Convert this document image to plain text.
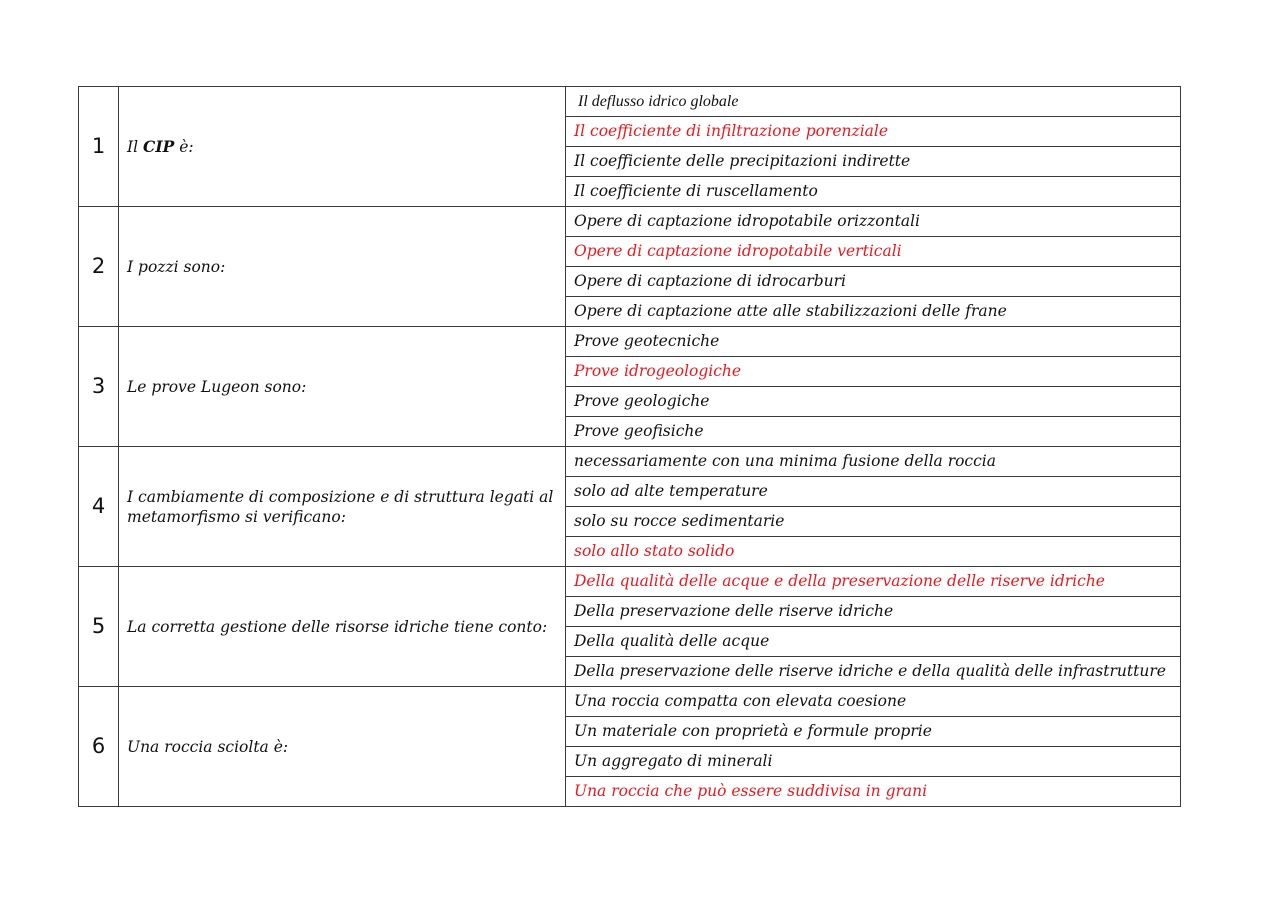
1	Il CIP è:	Il deflusso idrico globale
		Il coefficiente di infiltrazione porenziale
		Il coefficiente delle precipitazioni indirette
		Il coefficiente di ruscellamento
2	I pozzi sono:	Opere di captazione idropotabile orizzontali
		Opere di captazione idropotabile verticali
		Opere di captazione di idrocarburi
		Opere di captazione atte alle stabilizzazioni delle frane
3	Le prove Lugeon sono:	Prove geotecniche
		Prove idrogeologiche
		Prove geologiche
		Prove geofisiche
4	I cambiamente di composizione e di struttura legati al metamorfismo si verificano:	necessariamente con una minima fusione della roccia
		solo ad alte temperature
		solo su rocce sedimentarie
		solo allo stato solido
5	La corretta gestione delle risorse idriche tiene conto:	Della qualità delle acque e della preservazione delle riserve idriche
		Della preservazione delle riserve idriche
		Della qualità delle acque
		Della preservazione delle riserve idriche e della qualità delle infrastrutture
6	Una roccia sciolta è:	Una roccia compatta con elevata coesione
		Un materiale con proprietà e formule proprie
		Un aggregato di minerali
		Una roccia che può essere suddivisa in grani
